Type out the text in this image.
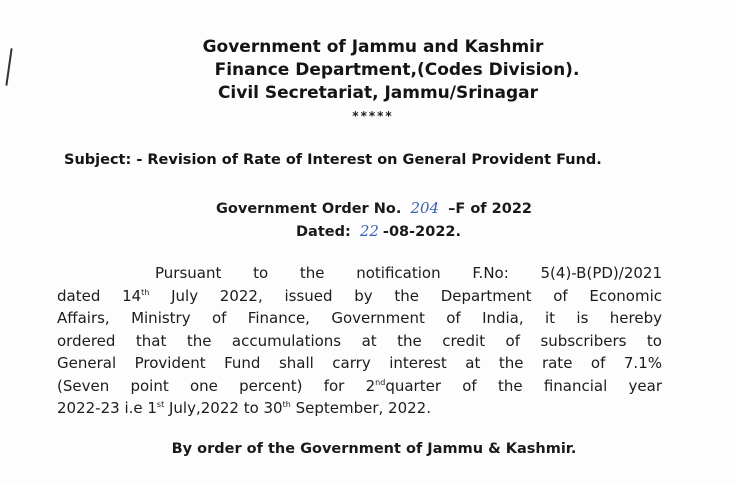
Government of Jammu and Kashmir
Finance Department,(Codes Division).
Civil Secretariat, Jammu/Srinagar
*****
Subject: - Revision of Rate of Interest on General Provident Fund.
Government Order No. 204 –F of 2022
Dated: 22 -08-2022.
Pursuant to the notification F.No: 5(4)-B(PD)/2021
dated 14th July 2022, issued by the Department of Economic
Affairs, Ministry of Finance, Government of India, it is hereby
ordered that the accumulations at the credit of subscribers to
General Provident Fund shall carry interest at the rate of 7.1%
(Seven point one percent) for 2ndquarter of the financial year
2022-23 i.e 1st July,2022 to 30th September, 2022.
By order of the Government of Jammu & Kashmir.
